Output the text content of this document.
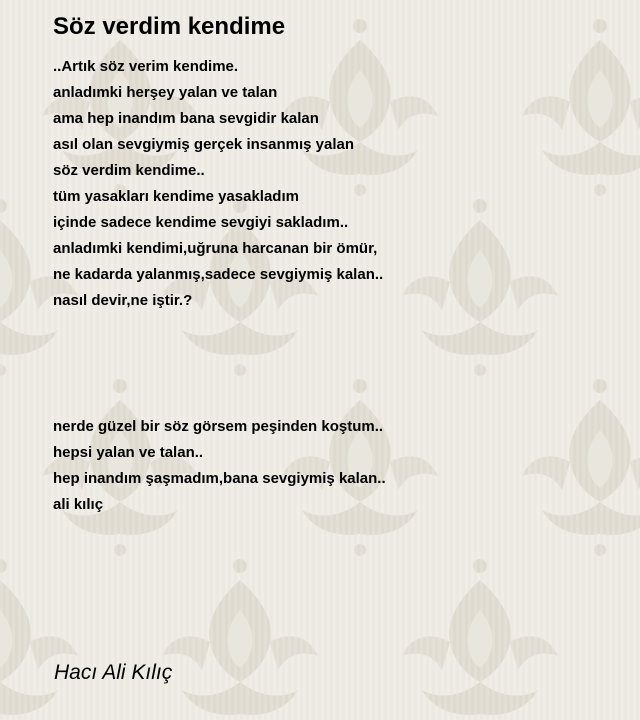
Söz verdim kendime
..Artık söz verim kendime.
anladımki herşey yalan ve talan
ama hep inandım bana sevgidir kalan
asıl olan sevgiymiş gerçek insanmış yalan
söz verdim kendime..
tüm yasakları kendime yasakladım
içinde sadece kendime sevgiyi sakladım..
anladımki kendimi,uğruna harcanan bir ömür,
ne kadarda yalanmış,sadece sevgiymiş kalan..
nasıl devir,ne iştir.?
nerde güzel bir söz görsem peşinden koştum..
hepsi yalan ve talan..
hep inandım şaşmadım,bana sevgiymiş kalan..
ali kılıç
Hacı Ali Kılıç
